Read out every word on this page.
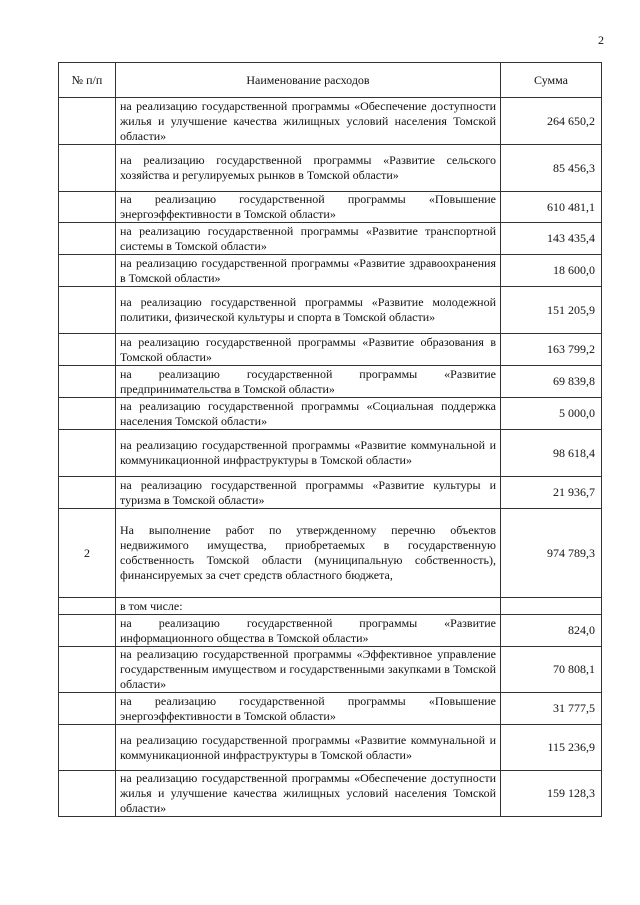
2
№ п/п	Наименование расходов	Сумма
	на реализацию государственной программы «Обеспечение доступности жилья и улучшение качества жилищных условий населения Томской области»	264 650,2
	на реализацию государственной программы «Развитие сельского хозяйства и регулируемых рынков в Томской области»	85 456,3
	на реализацию государственной программы «Повышение энергоэффективности в Томской области»	610 481,1
	на реализацию государственной программы «Развитие транспортной системы в Томской области»	143 435,4
	на реализацию государственной программы «Развитие здравоохранения в Томской области»	18 600,0
	на реализацию государственной программы «Развитие молодежной политики, физической культуры и спорта в Томской области»	151 205,9
	на реализацию государственной программы «Развитие образования в Томской области»	163 799,2
	на реализацию государственной программы «Развитие предпринимательства в Томской области»	69 839,8
	на реализацию государственной программы «Социальная поддержка населения Томской области»	5 000,0
	на реализацию государственной программы «Развитие коммунальной и коммуникационной инфраструктуры в Томской области»	98 618,4
	на реализацию государственной программы «Развитие культуры и туризма в Томской области»	21 936,7
2	На выполнение работ по утвержденному перечню объектов недвижимого имущества, приобретаемых в государственную собственность Томской области (муниципальную собственность), финансируемых за счет средств областного бюджета,	974 789,3
	в том числе:	
	на реализацию государственной программы «Развитие информационного общества в Томской области»	824,0
	на реализацию государственной программы «Эффективное управление государственным имуществом и государственными закупками в Томской области»	70 808,1
	на реализацию государственной программы «Повышение энергоэффективности в Томской области»	31 777,5
	на реализацию государственной программы «Развитие коммунальной и коммуникационной инфраструктуры в Томской области»	115 236,9
	на реализацию государственной программы «Обеспечение доступности жилья и улучшение качества жилищных условий населения Томской области»	159 128,3
